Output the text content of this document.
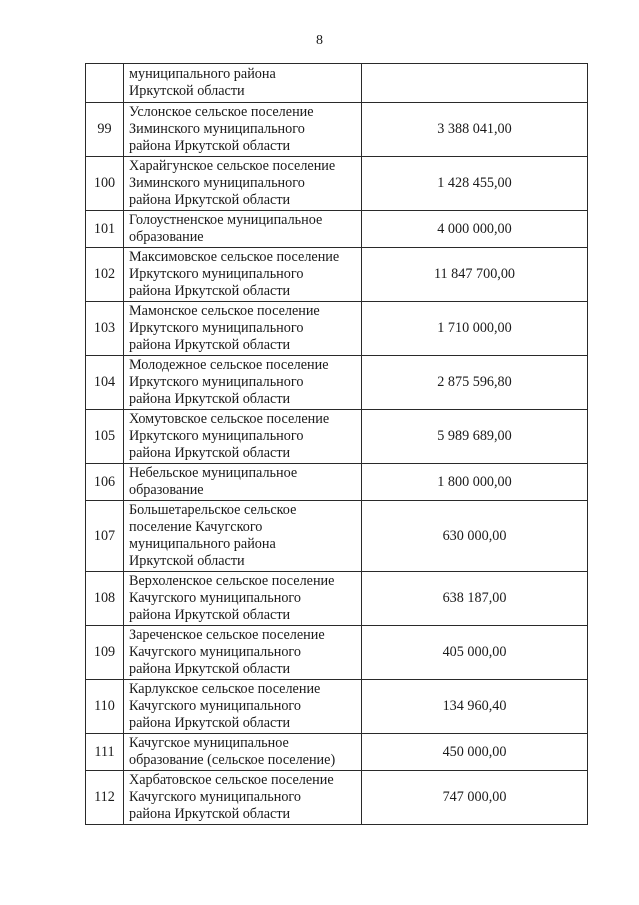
8

	муниципального района
Иркутской области	

99	Услонское сельское поселение
Зиминского муниципального
района Иркутской области	3 388 041,00
100	Харайгунское сельское поселение
Зиминского муниципального
района Иркутской области	1 428 455,00
101	Голоустненское муниципальное
образование	4 000 000,00
102	Максимовское сельское поселение
Иркутского муниципального
района Иркутской области	11 847 700,00
103	Мамонское сельское поселение
Иркутского муниципального
района Иркутской области	1 710 000,00
104	Молодежное сельское поселение
Иркутского муниципального
района Иркутской области	2 875 596,80
105	Хомутовское сельское поселение
Иркутского муниципального
района Иркутской области	5 989 689,00
106	Небельское муниципальное
образование	1 800 000,00
107	Большетарельское сельское
поселение Качугского
муниципального района
Иркутской области	630 000,00
108	Верхоленское сельское поселение
Качугского муниципального
района Иркутской области	638 187,00
109	Зареченское сельское поселение
Качугского муниципального
района Иркутской области	405 000,00
110	Карлукское сельское поселение
Качугского муниципального
района Иркутской области	134 960,40
111	Качугское муниципальное
образование (сельское поселение)	450 000,00
112	Харбатовское сельское поселение
Качугского муниципального
района Иркутской области	747 000,00
